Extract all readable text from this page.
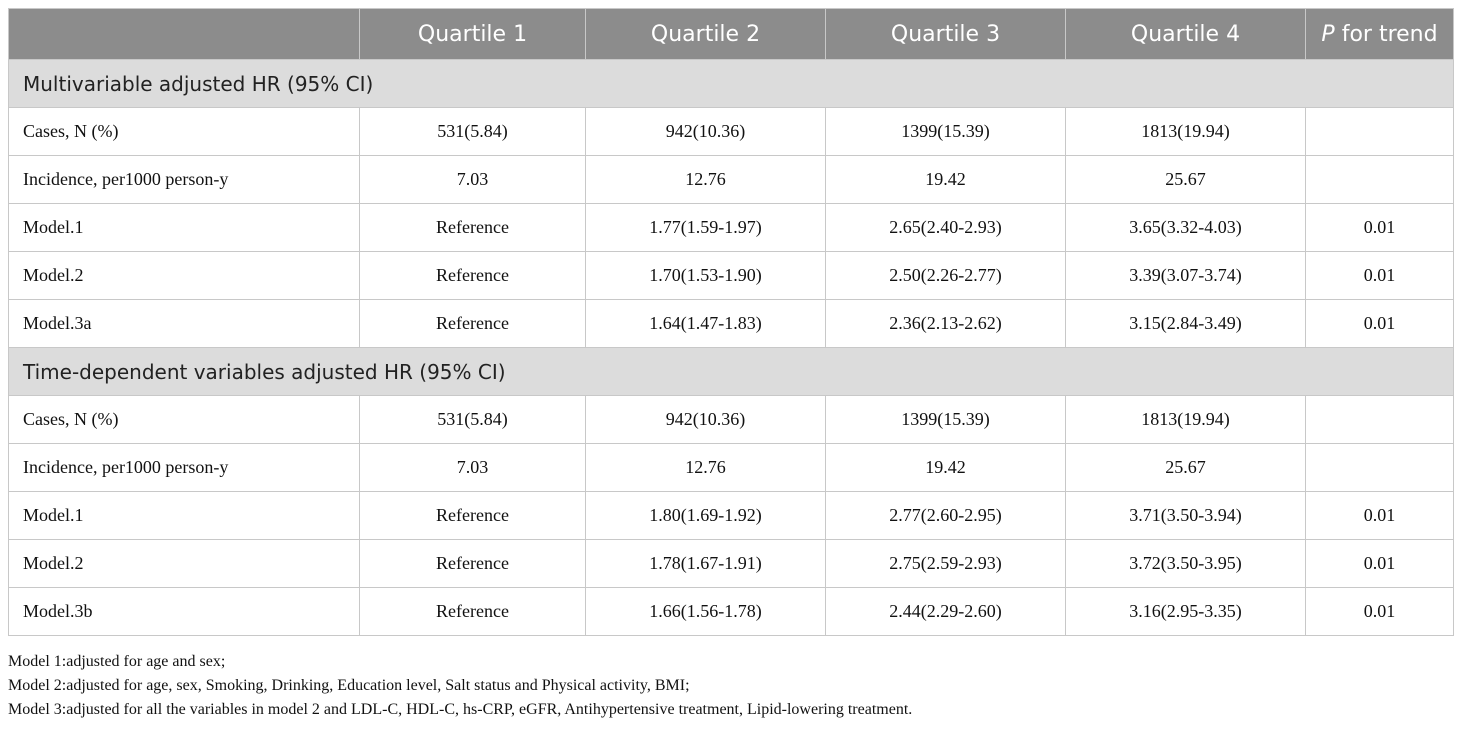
	Quartile 1	Quartile 2	Quartile 3	Quartile 4	P for trend
Multivariable adjusted HR (95% CI)					
Cases, N (%)	531(5.84)	942(10.36)	1399(15.39)	1813(19.94)	
Incidence, per1000 person-y	7.03	12.76	19.42	25.67	
Model.1	Reference	1.77(1.59-1.97)	2.65(2.40-2.93)	3.65(3.32-4.03)	0.01
Model.2	Reference	1.70(1.53-1.90)	2.50(2.26-2.77)	3.39(3.07-3.74)	0.01
Model.3a	Reference	1.64(1.47-1.83)	2.36(2.13-2.62)	3.15(2.84-3.49)	0.01
Time-dependent variables adjusted HR (95% CI)					
Cases, N (%)	531(5.84)	942(10.36)	1399(15.39)	1813(19.94)	
Incidence, per1000 person-y	7.03	12.76	19.42	25.67	
Model.1	Reference	1.80(1.69-1.92)	2.77(2.60-2.95)	3.71(3.50-3.94)	0.01
Model.2	Reference	1.78(1.67-1.91)	2.75(2.59-2.93)	3.72(3.50-3.95)	0.01
Model.3b	Reference	1.66(1.56-1.78)	2.44(2.29-2.60)	3.16(2.95-3.35)	0.01
Model 1:adjusted for age and sex;
Model 2:adjusted for age, sex, Smoking, Drinking, Education level, Salt status and Physical activity, BMI;
Model 3:adjusted for all the variables in model 2 and LDL-C, HDL-C, hs-CRP, eGFR, Antihypertensive treatment, Lipid-lowering treatment.
